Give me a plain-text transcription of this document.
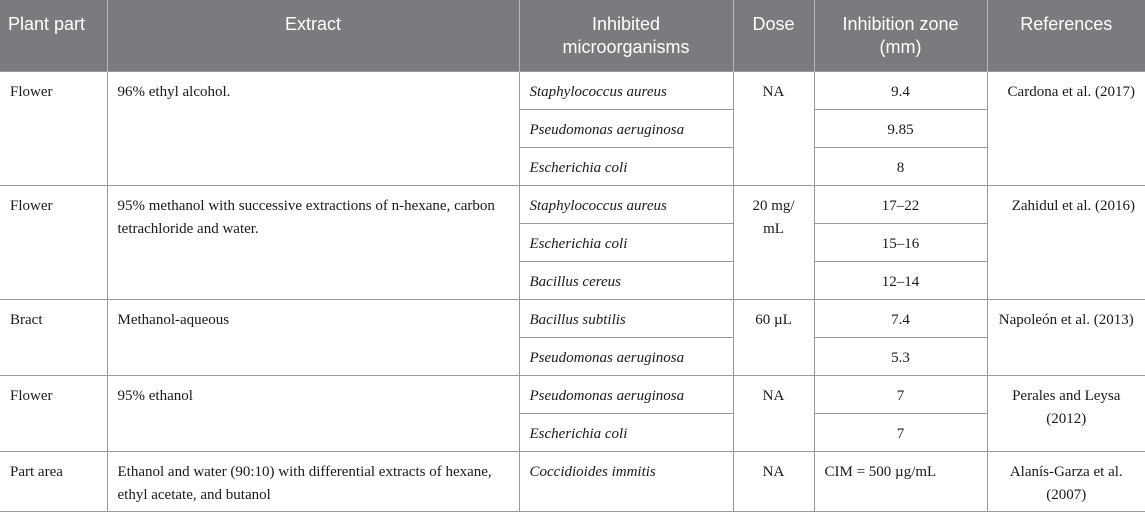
Plant part	Extract	Inhibited microorganisms	Dose	Inhibition zone (mm)	References

Flower	96% ethyl alcohol.	Staphylococcus aureus	NA	9.4	Cardona et al. (2017)

		Pseudomonas aeruginosa		9.85	

		Escherichia coli		8	

Flower	95% methanol with successive extractions of n-hexane, carbon tetrachloride and water.	Staphylococcus aureus	20 mg/ mL	17–22	Zahidul et al. (2016)

		Escherichia coli		15–16	

		Bacillus cereus		12–14	

Bract	Methanol-aqueous	Bacillus subtilis	60 µL	7.4	Napoleón et al. (2013)

		Pseudomonas aeruginosa		5.3	

Flower	95% ethanol	Pseudomonas aeruginosa	NA	7	Perales and Leysa (2012)

		Escherichia coli		7	

Part area	Ethanol and water (90:10) with differential extracts of hexane, ethyl acetate, and butanol	Coccidioides immitis	NA	CIM = 500 µg/mL	Alanís-Garza et al. (2007)
